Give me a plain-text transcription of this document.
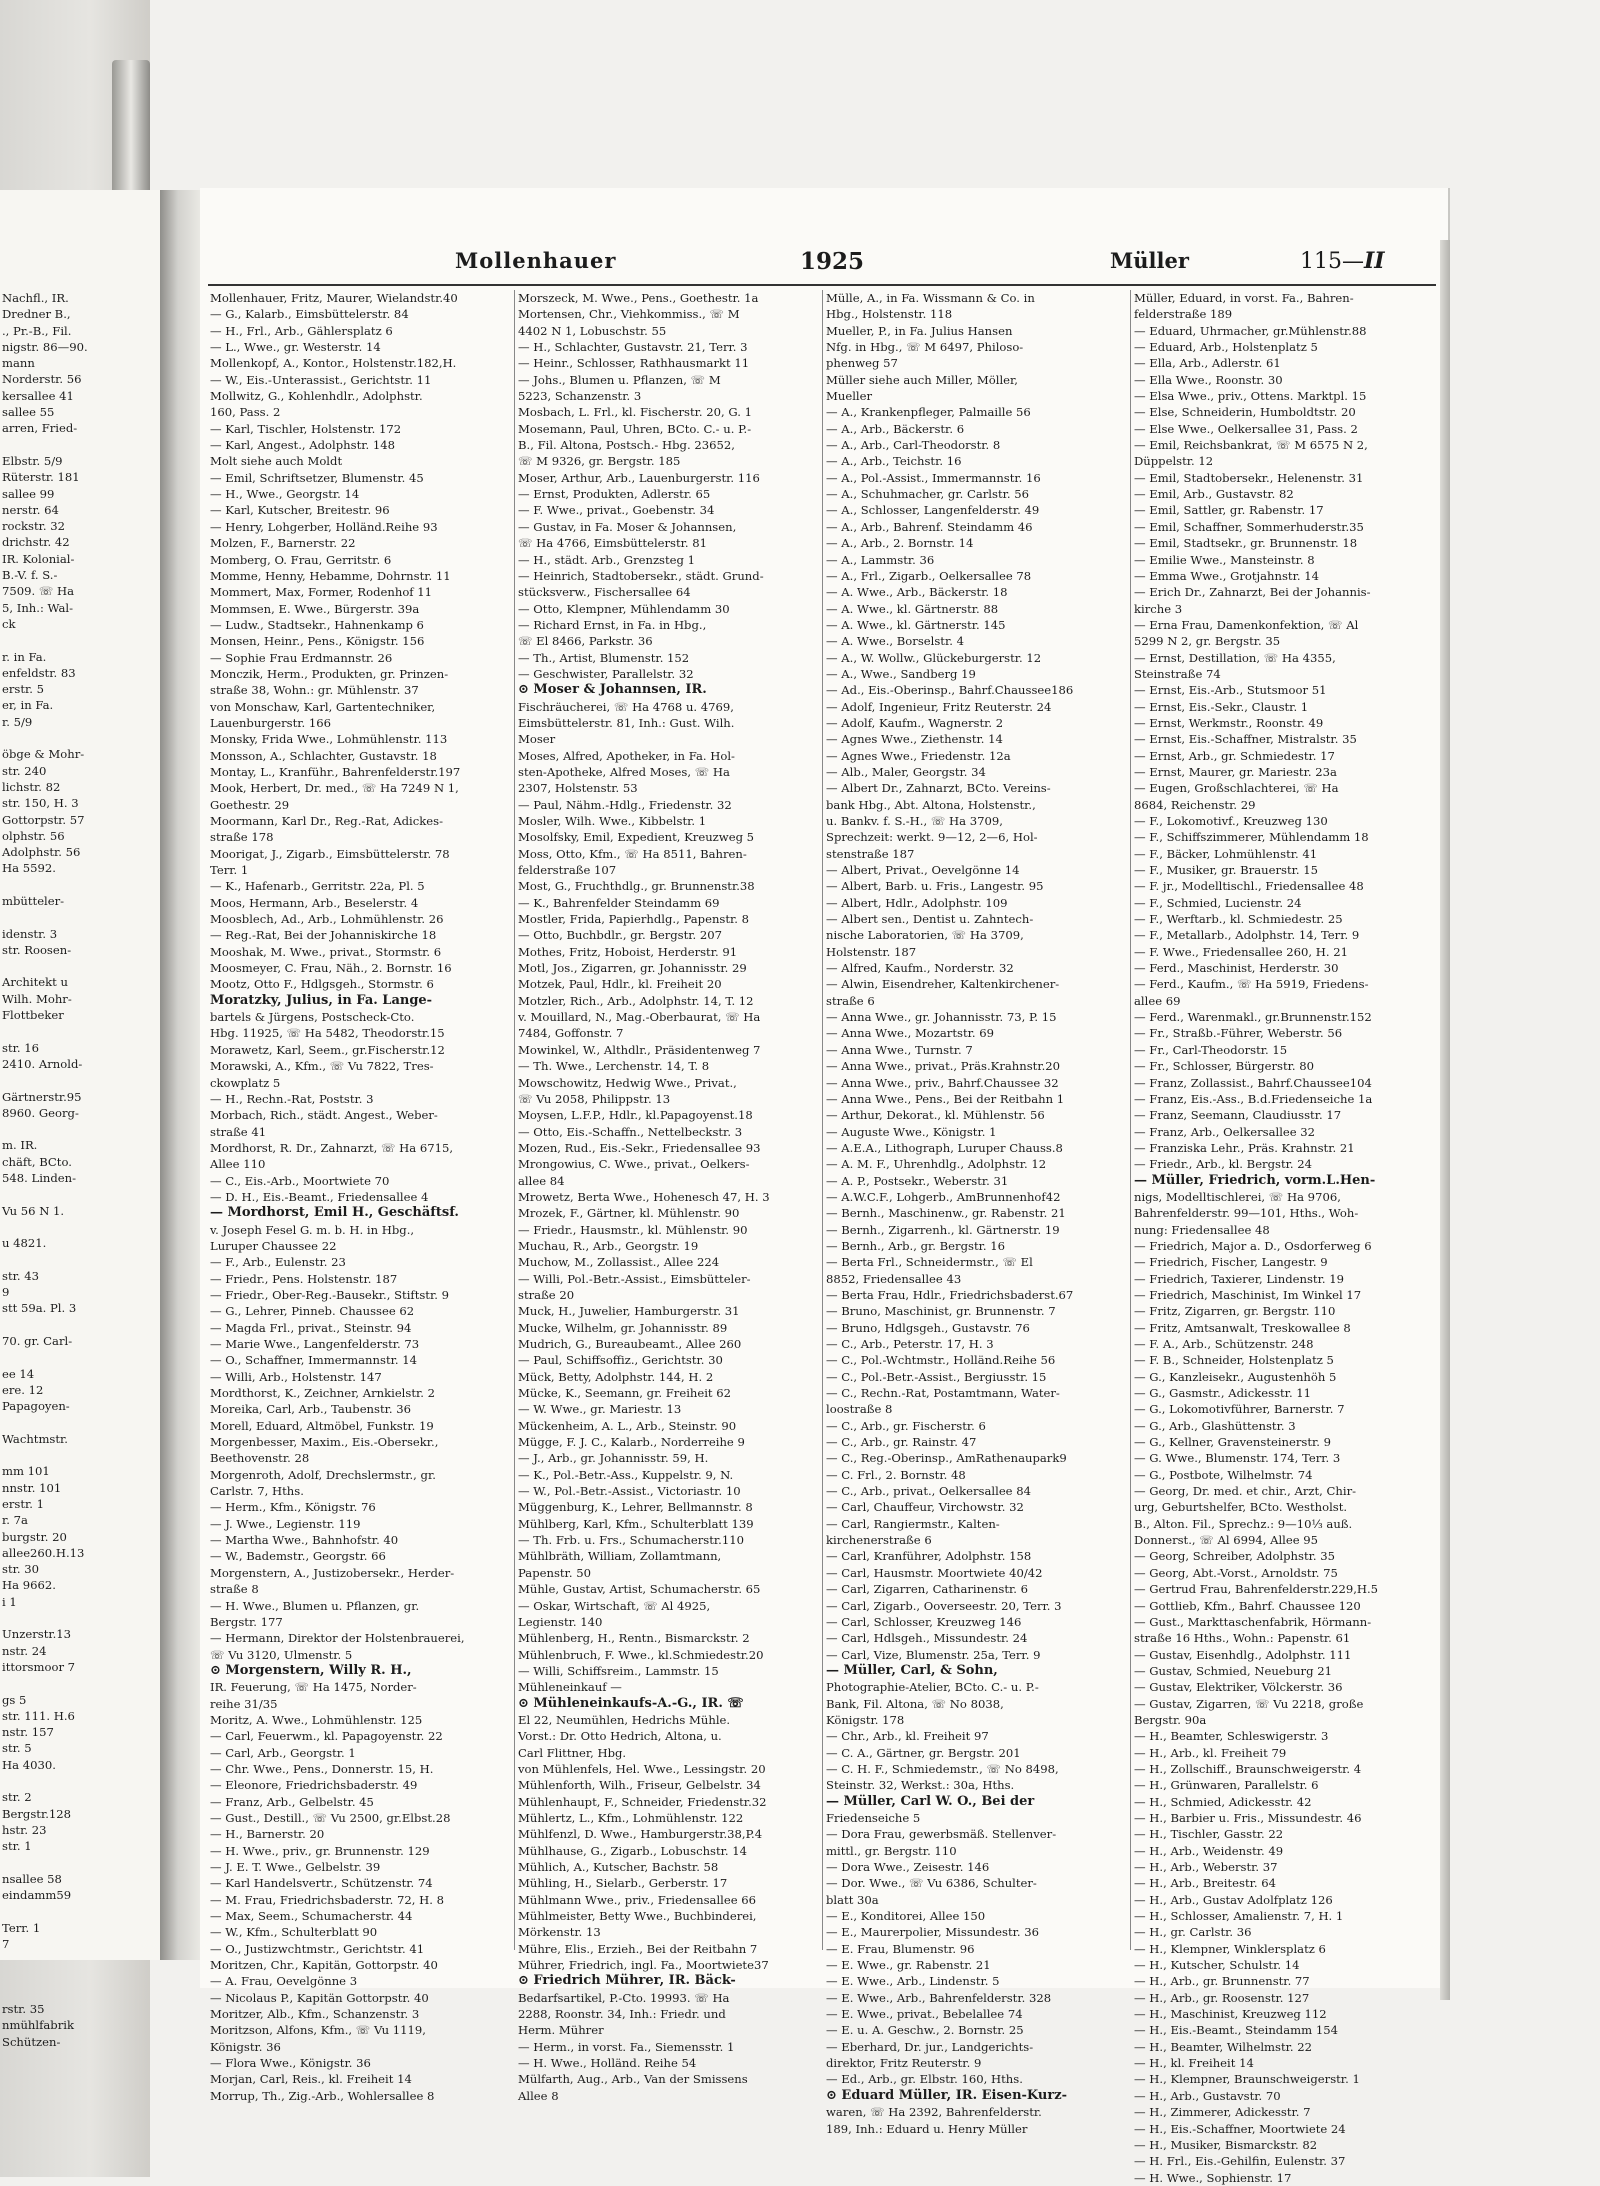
Nachfl., IR.
Dredner B.,
., Pr.-B., Fil.
nigstr. 86—90.
mann
Norderstr. 56
kersallee 41
sallee 55
arren, Fried-
Elbstr. 5/9
Rüterstr. 181
sallee 99
nerstr. 64
rockstr. 32
drichstr. 42
IR. Kolonial-
B.-V. f. S.-
7509. ☏ Ha
5, Inh.: Wal-
ck
r. in Fa.
enfeldstr. 83
erstr. 5
er, in Fa.
r. 5/9
öbge & Mohr-
str. 240
lichstr. 82
str. 150, H. 3
Gottorpstr. 57
olphstr. 56
Adolphstr. 56
Ha 5592.
mbütteler-
idenstr. 3
str. Roosen-
Architekt u
Wilh. Mohr-
Flottbeker
str. 16
2410. Arnold-
Gärtnerstr.95
8960. Georg-
m. IR.
chäft, BCto.
548. Linden-
Vu 56 N 1.
u 4821.
str. 43
9
stt 59a. Pl. 3
70. gr. Carl-
ee 14
ere. 12
Papagoyen-
Wachtmstr.
mm 101
nnstr. 101
erstr. 1
r. 7a
burgstr. 20
allee260.H.13
str. 30
Ha 9662.
i 1
Unzerstr.13
nstr. 24
ittorsmoor 7
gs 5
str. 111. H.6
nstr. 157
str. 5
Ha 4030.
str. 2
Bergstr.128
hstr. 23
str. 1
nsallee 58
eindamm59
Terr. 1
7
rstr. 35
nmühlfabrik
Schützen-
Mollenhauer	1925	Müller	115—II
Mollenhauer, Fritz, Maurer, Wielandstr.40
— G., Kalarb., Eimsbüttelerstr. 84
— H., Frl., Arb., Gählersplatz 6
— L., Wwe., gr. Westerstr. 14
Mollenkopf, A., Kontor., Holstenstr.182,H.
— W., Eis.-Unterassist., Gerichtstr. 11
Mollwitz, G., Kohlenhdlr., Adolphstr.
160, Pass. 2
— Karl, Tischler, Holstenstr. 172
— Karl, Angest., Adolphstr. 148
Molt siehe auch Moldt
— Emil, Schriftsetzer, Blumenstr. 45
— H., Wwe., Georgstr. 14
— Karl, Kutscher, Breitestr. 96
— Henry, Lohgerber, Holländ.Reihe 93
Molzen, F., Barnerstr. 22
Momberg, O. Frau, Gerritstr. 6
Momme, Henny, Hebamme, Dohrnstr. 11
Mommert, Max, Former, Rodenhof 11
Mommsen, E. Wwe., Bürgerstr. 39a
— Ludw., Stadtsekr., Hahnenkamp 6
Monsen, Heinr., Pens., Königstr. 156
— Sophie Frau Erdmannstr. 26
Monczik, Herm., Produkten, gr. Prinzen-
straße 38, Wohn.: gr. Mühlenstr. 37
von Monschaw, Karl, Gartentechniker,
Lauenburgerstr. 166
Monsky, Frida Wwe., Lohmühlenstr. 113
Monsson, A., Schlachter, Gustavstr. 18
Montay, L., Kranführ., Bahrenfelderstr.197
Mook, Herbert, Dr. med., ☏ Ha 7249 N 1,
Goethestr. 29
Moormann, Karl Dr., Reg.-Rat, Adickes-
straße 178
Moorigat, J., Zigarb., Eimsbüttelerstr. 78
Terr. 1
— K., Hafenarb., Gerritstr. 22a, Pl. 5
Moos, Hermann, Arb., Beselerstr. 4
Moosblech, Ad., Arb., Lohmühlenstr. 26
— Reg.-Rat, Bei der Johanniskirche 18
Mooshak, M. Wwe., privat., Stormstr. 6
Moosmeyer, C. Frau, Näh., 2. Bornstr. 16
Mootz, Otto F., Hdlgsgeh., Stormstr. 6
Moratzky, Julius, in Fa. Lange-
bartels & Jürgens, Postscheck-Cto.
Hbg. 11925, ☏ Ha 5482, Theodorstr.15
Morawetz, Karl, Seem., gr.Fischerstr.12
Morawski, A., Kfm., ☏ Vu 7822, Tres-
ckowplatz 5
— H., Rechn.-Rat, Poststr. 3
Morbach, Rich., städt. Angest., Weber-
straße 41
Mordhorst, R. Dr., Zahnarzt, ☏ Ha 6715,
Allee 110
— C., Eis.-Arb., Moortwiete 70
— D. H., Eis.-Beamt., Friedensallee 4
— Mordhorst, Emil H., Geschäftsf.
v. Joseph Fesel G. m. b. H. in Hbg.,
Luruper Chaussee 22
— F., Arb., Eulenstr. 23
— Friedr., Pens. Holstenstr. 187
— Friedr., Ober-Reg.-Bausekr., Stiftstr. 9
— G., Lehrer, Pinneb. Chaussee 62
— Magda Frl., privat., Steinstr. 94
— Marie Wwe., Langenfelderstr. 73
— O., Schaffner, Immermannstr. 14
— Willi, Arb., Holstenstr. 147
Mordthorst, K., Zeichner, Arnkielstr. 2
Moreika, Carl, Arb., Taubenstr. 36
Morell, Eduard, Altmöbel, Funkstr. 19
Morgenbesser, Maxim., Eis.-Obersekr.,
Beethovenstr. 28
Morgenroth, Adolf, Drechslermstr., gr.
Carlstr. 7, Hths.
— Herm., Kfm., Königstr. 76
— J. Wwe., Legienstr. 119
— Martha Wwe., Bahnhofstr. 40
— W., Bademstr., Georgstr. 66
Morgenstern, A., Justizobersekr., Herder-
straße 8
— H. Wwe., Blumen u. Pflanzen, gr.
Bergstr. 177
— Hermann, Direktor der Holstenbrauerei,
☏ Vu 3120, Ulmenstr. 5
⊙ Morgenstern, Willy R. H.,
IR. Feuerung, ☏ Ha 1475, Norder-
reihe 31/35
Moritz, A. Wwe., Lohmühlenstr. 125
— Carl, Feuerwm., kl. Papagoyenstr. 22
— Carl, Arb., Georgstr. 1
— Chr. Wwe., Pens., Donnerstr. 15, H.
— Eleonore, Friedrichsbaderstr. 49
— Franz, Arb., Gelbelstr. 45
— Gust., Destill., ☏ Vu 2500, gr.Elbst.28
— H., Barnerstr. 20
— H. Wwe., priv., gr. Brunnenstr. 129
— J. E. T. Wwe., Gelbelstr. 39
— Karl Handelsvertr., Schützenstr. 74
— M. Frau, Friedrichsbaderstr. 72, H. 8
— Max, Seem., Schumacherstr. 44
— W., Kfm., Schulterblatt 90
— O., Justizwchtmstr., Gerichtstr. 41
Moritzen, Chr., Kapitän, Gottorpstr. 40
— A. Frau, Oevelgönne 3
— Nicolaus P., Kapitän Gottorpstr. 40
Moritzer, Alb., Kfm., Schanzenstr. 3
Moritzson, Alfons, Kfm., ☏ Vu 1119,
Königstr. 36
— Flora Wwe., Königstr. 36
Morjan, Carl, Reis., kl. Freiheit 14
Morrup, Th., Zig.-Arb., Wohlersallee 8
Morszeck, M. Wwe., Pens., Goethestr. 1a
Mortensen, Chr., Viehkommiss., ☏ M
4402 N 1, Lobuschstr. 55
— H., Schlachter, Gustavstr. 21, Terr. 3
— Heinr., Schlosser, Rathhausmarkt 11
— Johs., Blumen u. Pflanzen, ☏ M
5223, Schanzenstr. 3
Mosbach, L. Frl., kl. Fischerstr. 20, G. 1
Mosemann, Paul, Uhren, BCto. C.- u. P.-
B., Fil. Altona, Postsch.- Hbg. 23652,
☏ M 9326, gr. Bergstr. 185
Moser, Arthur, Arb., Lauenburgerstr. 116
— Ernst, Produkten, Adlerstr. 65
— F. Wwe., privat., Goebenstr. 34
— Gustav, in Fa. Moser & Johannsen,
☏ Ha 4766, Eimsbüttelerstr. 81
— H., städt. Arb., Grenzsteg 1
— Heinrich, Stadtobersekr., städt. Grund-
stücksverw., Fischersallee 64
— Otto, Klempner, Mühlendamm 30
— Richard Ernst, in Fa. in Hbg.,
☏ El 8466, Parkstr. 36
— Th., Artist, Blumenstr. 152
— Geschwister, Parallelstr. 32
⊙ Moser & Johannsen, IR.
Fischräucherei, ☏ Ha 4768 u. 4769,
Eimsbüttelerstr. 81, Inh.: Gust. Wilh.
Moser
Moses, Alfred, Apotheker, in Fa. Hol-
sten-Apotheke, Alfred Moses, ☏ Ha
2307, Holstenstr. 53
— Paul, Nähm.-Hdlg., Friedenstr. 32
Mosler, Wilh. Wwe., Kibbelstr. 1
Mosolfsky, Emil, Expedient, Kreuzweg 5
Moss, Otto, Kfm., ☏ Ha 8511, Bahren-
felderstraße 107
Most, G., Fruchthdlg., gr. Brunnenstr.38
— K., Bahrenfelder Steindamm 69
Mostler, Frida, Papierhdlg., Papenstr. 8
— Otto, Buchbdlr., gr. Bergstr. 207
Mothes, Fritz, Hoboist, Herderstr. 91
Motl, Jos., Zigarren, gr. Johannisstr. 29
Motzek, Paul, Hdlr., kl. Freiheit 20
Motzler, Rich., Arb., Adolphstr. 14, T. 12
v. Mouillard, N., Mag.-Oberbaurat, ☏ Ha
7484, Goffonstr. 7
Mowinkel, W., Althdlr., Präsidentenweg 7
— Th. Wwe., Lerchenstr. 14, T. 8
Mowschowitz, Hedwig Wwe., Privat.,
☏ Vu 2058, Philippstr. 13
Moysen, L.F.P., Hdlr., kl.Papagoyenst.18
— Otto, Eis.-Schaffn., Nettelbeckstr. 3
Mozen, Rud., Eis.-Sekr., Friedensallee 93
Mrongowius, C. Wwe., privat., Oelkers-
allee 84
Mrowetz, Berta Wwe., Hohenesch 47, H. 3
Mrozek, F., Gärtner, kl. Mühlenstr. 90
— Friedr., Hausmstr., kl. Mühlenstr. 90
Muchau, R., Arb., Georgstr. 19
Muchow, M., Zollassist., Allee 224
— Willi, Pol.-Betr.-Assist., Eimsbütteler-
straße 20
Muck, H., Juwelier, Hamburgerstr. 31
Mucke, Wilhelm, gr. Johannisstr. 89
Mudrich, G., Bureaubeamt., Allee 260
— Paul, Schiffsoffiz., Gerichtstr. 30
Mück, Betty, Adolphstr. 144, H. 2
Mücke, K., Seemann, gr. Freiheit 62
— W. Wwe., gr. Mariestr. 13
Mückenheim, A. L., Arb., Steinstr. 90
Mügge, F. J. C., Kalarb., Norderreihe 9
— J., Arb., gr. Johannisstr. 59, H.
— K., Pol.-Betr.-Ass., Kuppelstr. 9, N.
— W., Pol.-Betr.-Assist., Victoriastr. 10
Müggenburg, K., Lehrer, Bellmannstr. 8
Mühlberg, Karl, Kfm., Schulterblatt 139
— Th. Frb. u. Frs., Schumacherstr.110
Mühlbräth, William, Zollamtmann,
Papenstr. 50
Mühle, Gustav, Artist, Schumacherstr. 65
— Oskar, Wirtschaft, ☏ Al 4925,
Legienstr. 140
Mühlenberg, H., Rentn., Bismarckstr. 2
Mühlenbruch, F. Wwe., kl.Schmiedestr.20
— Willi, Schiffsreim., Lammstr. 15
Mühleneinkauf —
⊙ Mühleneinkaufs-A.-G., IR. ☏
El 22, Neumühlen, Hedrichs Mühle.
Vorst.: Dr. Otto Hedrich, Altona, u.
Carl Flittner, Hbg.
von Mühlenfels, Hel. Wwe., Lessingstr. 20
Mühlenforth, Wilh., Friseur, Gelbelstr. 34
Mühlenhaupt, F., Schneider, Friedenstr.32
Mühlertz, L., Kfm., Lohmühlenstr. 122
Mühlfenzl, D. Wwe., Hamburgerstr.38,P.4
Mühlhause, G., Zigarb., Lobuschstr. 14
Mühlich, A., Kutscher, Bachstr. 58
Mühling, H., Sielarb., Gerberstr. 17
Mühlmann Wwe., priv., Friedensallee 66
Mühlmeister, Betty Wwe., Buchbinderei,
Mörkenstr. 13
Mühre, Elis., Erzieh., Bei der Reitbahn 7
Mührer, Friedrich, ingl. Fa., Moortwiete37
⊙ Friedrich Mührer, IR. Bäck-
Bedarfsartikel, P.-Cto. 19993. ☏ Ha
2288, Roonstr. 34, Inh.: Friedr. und
Herm. Mührer
— Herm., in vorst. Fa., Siemensstr. 1
— H. Wwe., Holländ. Reihe 54
Mülfarth, Aug., Arb., Van der Smissens
Allee 8
Mülle, A., in Fa. Wissmann & Co. in
Hbg., Holstenstr. 118
Mueller, P., in Fa. Julius Hansen
Nfg. in Hbg., ☏ M 6497, Philoso-
phenweg 57
Müller siehe auch Miller, Möller,
Mueller
— A., Krankenpfleger, Palmaille 56
— A., Arb., Bäckerstr. 6
— A., Arb., Carl-Theodorstr. 8
— A., Arb., Teichstr. 16
— A., Pol.-Assist., Immermannstr. 16
— A., Schuhmacher, gr. Carlstr. 56
— A., Schlosser, Langenfelderstr. 49
— A., Arb., Bahrenf. Steindamm 46
— A., Arb., 2. Bornstr. 14
— A., Lammstr. 36
— A., Frl., Zigarb., Oelkersallee 78
— A. Wwe., Arb., Bäckerstr. 18
— A. Wwe., kl. Gärtnerstr. 88
— A. Wwe., kl. Gärtnerstr. 145
— A. Wwe., Borselstr. 4
— A., W. Wollw., Glückeburgerstr. 12
— A., Wwe., Sandberg 19
— Ad., Eis.-Oberinsp., Bahrf.Chaussee186
— Adolf, Ingenieur, Fritz Reuterstr. 24
— Adolf, Kaufm., Wagnerstr. 2
— Agnes Wwe., Ziethenstr. 14
— Agnes Wwe., Friedenstr. 12a
— Alb., Maler, Georgstr. 34
— Albert Dr., Zahnarzt, BCto. Vereins-
bank Hbg., Abt. Altona, Holstenstr.,
u. Bankv. f. S.-H., ☏ Ha 3709,
Sprechzeit: werkt. 9—12, 2—6, Hol-
stenstraße 187
— Albert, Privat., Oevelgönne 14
— Albert, Barb. u. Fris., Langestr. 95
— Albert, Hdlr., Adolphstr. 109
— Albert sen., Dentist u. Zahntech-
nische Laboratorien, ☏ Ha 3709,
Holstenstr. 187
— Alfred, Kaufm., Norderstr. 32
— Alwin, Eisendreher, Kaltenkirchener-
straße 6
— Anna Wwe., gr. Johannisstr. 73, P. 15
— Anna Wwe., Mozartstr. 69
— Anna Wwe., Turnstr. 7
— Anna Wwe., privat., Präs.Krahnstr.20
— Anna Wwe., priv., Bahrf.Chaussee 32
— Anna Wwe., Pens., Bei der Reitbahn 1
— Arthur, Dekorat., kl. Mühlenstr. 56
— Auguste Wwe., Königstr. 1
— A.E.A., Lithograph, Luruper Chauss.8
— A. M. F., Uhrenhdlg., Adolphstr. 12
— A. P., Postsekr., Weberstr. 31
— A.W.C.F., Lohgerb., AmBrunnenhof42
— Bernh., Maschinenw., gr. Rabenstr. 21
— Bernh., Zigarrenh., kl. Gärtnerstr. 19
— Bernh., Arb., gr. Bergstr. 16
— Berta Frl., Schneidermstr., ☏ El
8852, Friedensallee 43
— Berta Frau, Hdlr., Friedrichsbaderst.67
— Bruno, Maschinist, gr. Brunnenstr. 7
— Bruno, Hdlgsgeh., Gustavstr. 76
— C., Arb., Peterstr. 17, H. 3
— C., Pol.-Wchtmstr., Holländ.Reihe 56
— C., Pol.-Betr.-Assist., Bergiusstr. 15
— C., Rechn.-Rat, Postamtmann, Water-
loostraße 8
— C., Arb., gr. Fischerstr. 6
— C., Arb., gr. Rainstr. 47
— C., Reg.-Oberinsp., AmRathenaupark9
— C. Frl., 2. Bornstr. 48
— C., Arb., privat., Oelkersallee 84
— Carl, Chauffeur, Virchowstr. 32
— Carl, Rangiermstr., Kalten-
kirchenerstraße 6
— Carl, Kranführer, Adolphstr. 158
— Carl, Hausmstr. Moortwiete 40/42
— Carl, Zigarren, Catharinenstr. 6
— Carl, Zigarb., Ooverseestr. 20, Terr. 3
— Carl, Schlosser, Kreuzweg 146
— Carl, Hdlsgeh., Missundestr. 24
— Carl, Vize, Blumenstr. 25a, Terr. 9
— Müller, Carl, & Sohn,
Photographie-Atelier, BCto. C.- u. P.-
Bank, Fil. Altona, ☏ No 8038,
Königstr. 178
— Chr., Arb., kl. Freiheit 97
— C. A., Gärtner, gr. Bergstr. 201
— C. H. F., Schmiedemstr., ☏ No 8498,
Steinstr. 32, Werkst.: 30a, Hths.
— Müller, Carl W. O., Bei der
Friedenseiche 5
— Dora Frau, gewerbsmäß. Stellenver-
mittl., gr. Bergstr. 110
— Dora Wwe., Zeisestr. 146
— Dor. Wwe., ☏ Vu 6386, Schulter-
blatt 30a
— E., Konditorei, Allee 150
— E., Maurerpolier, Missundestr. 36
— E. Frau, Blumenstr. 96
— E. Wwe., gr. Rabenstr. 21
— E. Wwe., Arb., Lindenstr. 5
— E. Wwe., Arb., Bahrenfelderstr. 328
— E. Wwe., privat., Bebelallee 74
— E. u. A. Geschw., 2. Bornstr. 25
— Eberhard, Dr. jur., Landgerichts-
direktor, Fritz Reuterstr. 9
— Ed., Arb., gr. Elbstr. 160, Hths.
⊙ Eduard Müller, IR. Eisen-Kurz-
waren, ☏ Ha 2392, Bahrenfelderstr.
189, Inh.: Eduard u. Henry Müller
Müller, Eduard, in vorst. Fa., Bahren-
felderstraße 189
— Eduard, Uhrmacher, gr.Mühlenstr.88
— Eduard, Arb., Holstenplatz 5
— Ella, Arb., Adlerstr. 61
— Ella Wwe., Roonstr. 30
— Elsa Wwe., priv., Ottens. Marktpl. 15
— Else, Schneiderin, Humboldtstr. 20
— Else Wwe., Oelkersallee 31, Pass. 2
— Emil, Reichsbankrat, ☏ M 6575 N 2,
Düppelstr. 12
— Emil, Stadtobersekr., Helenenstr. 31
— Emil, Arb., Gustavstr. 82
— Emil, Sattler, gr. Rabenstr. 17
— Emil, Schaffner, Sommerhuderstr.35
— Emil, Stadtsekr., gr. Brunnenstr. 18
— Emilie Wwe., Mansteinstr. 8
— Emma Wwe., Grotjahnstr. 14
— Erich Dr., Zahnarzt, Bei der Johannis-
kirche 3
— Erna Frau, Damenkonfektion, ☏ Al
5299 N 2, gr. Bergstr. 35
— Ernst, Destillation, ☏ Ha 4355,
Steinstraße 74
— Ernst, Eis.-Arb., Stutsmoor 51
— Ernst, Eis.-Sekr., Claustr. 1
— Ernst, Werkmstr., Roonstr. 49
— Ernst, Eis.-Schaffner, Mistralstr. 35
— Ernst, Arb., gr. Schmiedestr. 17
— Ernst, Maurer, gr. Mariestr. 23a
— Eugen, Großschlachterei, ☏ Ha
8684, Reichenstr. 29
— F., Lokomotivf., Kreuzweg 130
— F., Schiffszimmerer, Mühlendamm 18
— F., Bäcker, Lohmühlenstr. 41
— F., Musiker, gr. Brauerstr. 15
— F. jr., Modelltischl., Friedensallee 48
— F., Schmied, Lucienstr. 24
— F., Werftarb., kl. Schmiedestr. 25
— F., Metallarb., Adolphstr. 14, Terr. 9
— F. Wwe., Friedensallee 260, H. 21
— Ferd., Maschinist, Herderstr. 30
— Ferd., Kaufm., ☏ Ha 5919, Friedens-
allee 69
— Ferd., Warenmakl., gr.Brunnenstr.152
— Fr., Straßb.-Führer, Weberstr. 56
— Fr., Carl-Theodorstr. 15
— Fr., Schlosser, Bürgerstr. 80
— Franz, Zollassist., Bahrf.Chaussee104
— Franz, Eis.-Ass., B.d.Friedenseiche 1a
— Franz, Seemann, Claudiusstr. 17
— Franz, Arb., Oelkersallee 32
— Franziska Lehr., Präs. Krahnstr. 21
— Friedr., Arb., kl. Bergstr. 24
— Müller, Friedrich, vorm.L.Hen-
nigs, Modelltischlerei, ☏ Ha 9706,
Bahrenfelderstr. 99—101, Hths., Woh-
nung: Friedensallee 48
— Friedrich, Major a. D., Osdorferweg 6
— Friedrich, Fischer, Langestr. 9
— Friedrich, Taxierer, Lindenstr. 19
— Friedrich, Maschinist, Im Winkel 17
— Fritz, Zigarren, gr. Bergstr. 110
— Fritz, Amtsanwalt, Treskowallee 8
— F. A., Arb., Schützenstr. 248
— F. B., Schneider, Holstenplatz 5
— G., Kanzleisekr., Augustenhöh 5
— G., Gasmstr., Adickesstr. 11
— G., Lokomotivführer, Barnerstr. 7
— G., Arb., Glashüttenstr. 3
— G., Kellner, Gravensteinerstr. 9
— G. Wwe., Blumenstr. 174, Terr. 3
— G., Postbote, Wilhelmstr. 74
— Georg, Dr. med. et chir., Arzt, Chir-
urg, Geburtshelfer, BCto. Westholst.
B., Alton. Fil., Sprechz.: 9—10⅓ auß.
Donnerst., ☏ Al 6994, Allee 95
— Georg, Schreiber, Adolphstr. 35
— Georg, Abt.-Vorst., Arnoldstr. 75
— Gertrud Frau, Bahrenfelderstr.229,H.5
— Gottlieb, Kfm., Bahrf. Chaussee 120
— Gust., Markttaschenfabrik, Hörmann-
straße 16 Hths., Wohn.: Papenstr. 61
— Gustav, Eisenhdlg., Adolphstr. 111
— Gustav, Schmied, Neueburg 21
— Gustav, Elektriker, Völckerstr. 36
— Gustav, Zigarren, ☏ Vu 2218, große
Bergstr. 90a
— H., Beamter, Schleswigerstr. 3
— H., Arb., kl. Freiheit 79
— H., Zollschiff., Braunschweigerstr. 4
— H., Grünwaren, Parallelstr. 6
— H., Schmied, Adickesstr. 42
— H., Barbier u. Fris., Missundestr. 46
— H., Tischler, Gasstr. 22
— H., Arb., Weidenstr. 49
— H., Arb., Weberstr. 37
— H., Arb., Breitestr. 64
— H., Arb., Gustav Adolfplatz 126
— H., Schlosser, Amalienstr. 7, H. 1
— H., gr. Carlstr. 36
— H., Klempner, Winklersplatz 6
— H., Kutscher, Schulstr. 14
— H., Arb., gr. Brunnenstr. 77
— H., Arb., gr. Roosenstr. 127
— H., Maschinist, Kreuzweg 112
— H., Eis.-Beamt., Steindamm 154
— H., Beamter, Wilhelmstr. 22
— H., kl. Freiheit 14
— H., Klempner, Braunschweigerstr. 1
— H., Arb., Gustavstr. 70
— H., Zimmerer, Adickesstr. 7
— H., Eis.-Schaffner, Moortwiete 24
— H., Musiker, Bismarckstr. 82
— H. Frl., Eis.-Gehilfin, Eulenstr. 37
— H. Wwe., Sophienstr. 17
